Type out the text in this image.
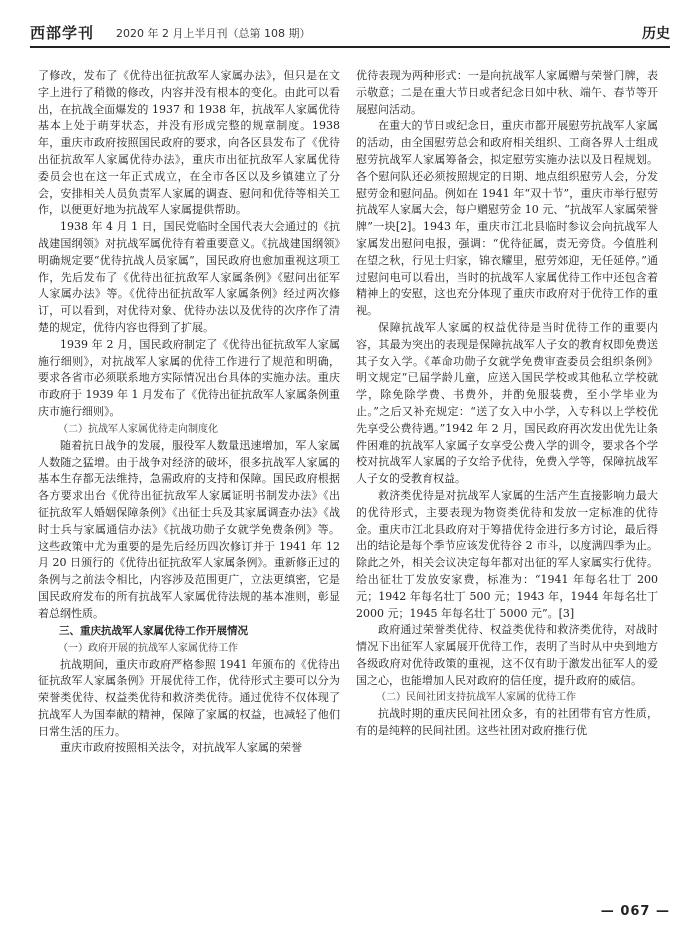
西部学刊 2020 年 2 月上半月刊（总第 108 期）	历史

了修改，发布了《优待出征抗敌军人家属办法》，但只是在文字上进行了稍微的修改，内容并没有根本的变化。由此可以看出，在抗战全面爆发的 1937 和 1938 年，抗战军人家属优待基本上处于萌芽状态，并没有形成完整的规章制度。1938 年，重庆市政府按照国民政府的要求，向各区县发布了《优待出征抗敌军人家属优待办法》，重庆市出征抗敌军人家属优待委员会也在这一年正式成立，在全市各区以及乡镇建立了分会，安排相关人员负责军人家属的调查、慰问和优待等相关工作，以便更好地为抗战军人家属提供帮助。

1938 年 4 月 1 日，国民党临时全国代表大会通过的《抗战建国纲领》对抗战军属优待有着重要意义。《抗战建国纲领》明确规定要“优待抗战人员家属”，国民政府也愈加重视这项工作，先后发布了《优待出征抗敌军人家属条例》《慰问出征军人家属办法》等。《优待出征抗敌军人家属条例》经过两次修订，可以看到，对优待对象、优待办法以及优待的次序作了清楚的规定，优待内容也得到了扩展。

1939 年 2 月，国民政府制定了《优待出征抗敌军人家属施行细则》，对抗战军人家属的优待工作进行了规范和明确，要求各省市必须联系地方实际情况出台具体的实施办法。重庆市政府于 1939 年 1 月发布了《优待出征抗敌军人家属条例重庆市施行细则》。

（二）抗战军人家属优待走向制度化

随着抗日战争的发展，服役军人数量迅速增加，军人家属人数随之猛增。由于战争对经济的破坏，很多抗战军人家属的基本生存都无法维持，急需政府的支持和保障。国民政府根据各方要求出台《优待出征抗敌军人家属证明书制发办法》《出征抗敌军人婚姻保障条例》《出征士兵及其家属调查办法》《战时士兵与家属通信办法》《抗战功勋子女就学免费条例》等。这些政策中尤为重要的是先后经历四次修订并于 1941 年 12 月 20 日颁行的《优待出征抗敌军人家属条例》。重新修正过的条例与之前法令相比，内容涉及范围更广，立法更缜密，它是国民政府发布的所有抗战军人家属优待法规的基本准则，彰显着总纲性质。

三、重庆抗战军人家属优待工作开展情况

（一）政府开展的抗战军人家属优待工作

抗战期间，重庆市政府严格参照 1941 年颁布的《优待出征抗敌军人家属条例》开展优待工作，优待形式主要可以分为荣誉类优待、权益类优待和救济类优待。通过优待不仅体现了抗战军人为国奉献的精神，保障了家属的权益，也减轻了他们日常生活的压力。

重庆市政府按照相关法令，对抗战军人家属的荣誉

优待表现为两种形式：一是向抗战军人家属赠与荣誉门牌，表示敬意；二是在重大节日或者纪念日如中秋、端午、春节等开展慰问活动。

在重大的节日或纪念日，重庆市都开展慰劳抗战军人家属的活动，由全国慰劳总会和政府相关组织、工商各界人士组成慰劳抗战军人家属筹备会，拟定慰劳实施办法以及日程规划。各个慰问队还必须按照规定的日期、地点组织慰劳人会，分发慰劳金和慰问品。例如在 1941 年“双十节”，重庆市举行慰劳抗战军人家属大会，每户赠慰劳金 10 元、“抗战军人家属荣誉牌”一块[2]。1943 年，重庆市江北县临时参议会向抗战军人家属发出慰问电报，强调：“优待征属，责无旁贷。今值胜利在望之秋，行见士归家，锦衣耀里，慰劳郊迎，无任延停。”通过慰问电可以看出，当时的抗战军人家属优待工作中还包含着精神上的安慰，这也充分体现了重庆市政府对于优待工作的重视。

保障抗战军人家属的权益优待是当时优待工作的重要内容，其最为突出的表现是保障抗战军人子女的教育权即免费送其子女入学。《革命功勋子女就学免费审查委员会组织条例》明文规定“已届学龄儿童，应送入国民学校或其他私立学校就学，除免除学费、书费外，并酌免服装费，至小学毕业为止。”之后又补充规定：“送了女入中小学，入专科以上学校优先享受公费待遇。”1942 年 2 月，国民政府再次发出优先让条件困难的抗战军人家属子女享受公费入学的训令，要求各个学校对抗战军人家属的子女给予优待，免费入学等，保障抗战军人子女的受教育权益。

救济类优待是对抗战军人家属的生活产生直接影响力最大的优待形式，主要表现为物资类优待和发放一定标准的优待金。重庆市江北县政府对于筹措优待金进行多方讨论，最后得出的结论是每个季节应该发优待谷 2 市斗，以度满四季为止。除此之外，相关会议决定每年都对出征的军人家属实行优待。给出征壮丁发放安家费，标准为：“1941 年每名壮丁 200 元；1942 年每名壮丁 500 元；1943 年，1944 年每名壮丁 2000 元；1945 年每名壮丁 5000 元”。[3]

政府通过荣誉类优待、权益类优待和救济类优待，对战时情况下出征军人家属展开优待工作，表明了当时从中央到地方各级政府对优待政策的重视，这不仅有助于激发出征军人的爱国之心，也能增加人民对政府的信任度，提升政府的威信。

（二）民间社团支持抗战军人家属的优待工作

抗战时期的重庆民间社团众多，有的社团带有官方性质，有的是纯粹的民间社团。这些社团对政府推行优

— 067 —
